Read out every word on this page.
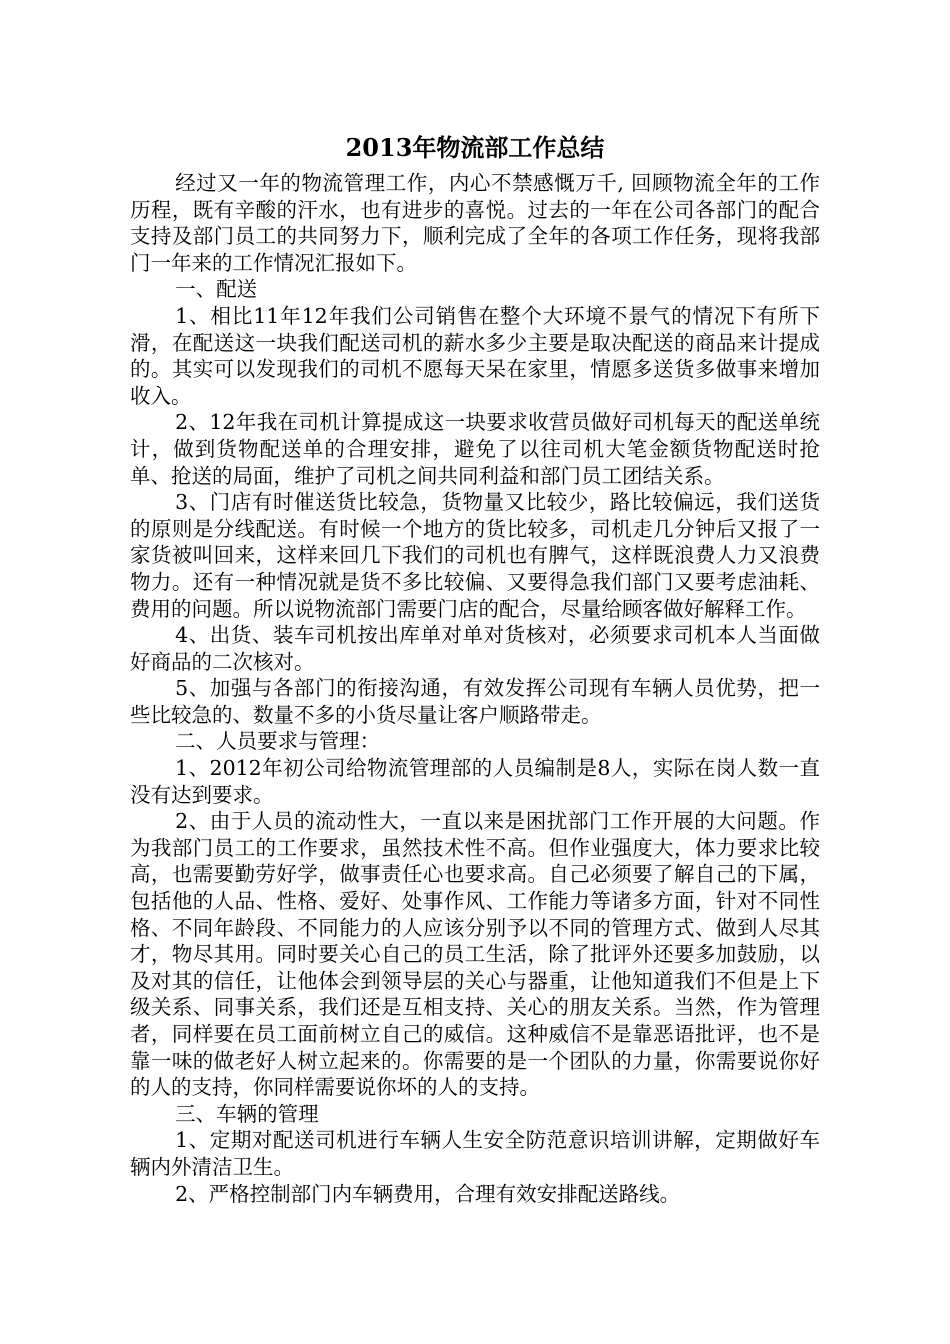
2013年物流部工作总结

经过又一年的物流管理工作，内心不禁感慨万千, 回顾物流全年的工作历程，既有辛酸的汗水，也有进步的喜悦。过去的一年在公司各部门的配合支持及部门员工的共同努力下，顺利完成了全年的各项工作任务，现将我部门一年来的工作情况汇报如下。

一、配送

1、相比11年12年我们公司销售在整个大环境不景气的情况下有所下滑，在配送这一块我们配送司机的薪水多少主要是取决配送的商品来计提成的。其实可以发现我们的司机不愿每天呆在家里，情愿多送货多做事来增加收入。

2、12年我在司机计算提成这一块要求收营员做好司机每天的配送单统计，做到货物配送单的合理安排，避免了以往司机大笔金额货物配送时抢单、抢送的局面，维护了司机之间共同利益和部门员工团结关系。

3、门店有时催送货比较急，货物量又比较少，路比较偏远，我们送货的原则是分线配送。有时候一个地方的货比较多，司机走几分钟后又报了一家货被叫回来，这样来回几下我们的司机也有脾气，这样既浪费人力又浪费物力。还有一种情况就是货不多比较偏、又要得急我们部门又要考虑油耗、费用的问题。所以说物流部门需要门店的配合，尽量给顾客做好解释工作。

4、出货、装车司机按出库单对单对货核对，必须要求司机本人当面做好商品的二次核对。

5、加强与各部门的衔接沟通，有效发挥公司现有车辆人员优势，把一些比较急的、数量不多的小货尽量让客户顺路带走。

二、人员要求与管理：

1、2012年初公司给物流管理部的人员编制是8人，实际在岗人数一直没有达到要求。

2、由于人员的流动性大，一直以来是困扰部门工作开展的大问题。作为我部门员工的工作要求，虽然技术性不高。但作业强度大，体力要求比较高，也需要勤劳好学，做事责任心也要求高。自己必须要了解自己的下属，包括他的人品、性格、爱好、处事作风、工作能力等诸多方面，针对不同性格、不同年龄段、不同能力的人应该分别予以不同的管理方式、做到人尽其才，物尽其用。同时要关心自己的员工生活，除了批评外还要多加鼓励，以及对其的信任，让他体会到领导层的关心与器重，让他知道我们不但是上下级关系、同事关系，我们还是互相支持、关心的朋友关系。当然，作为管理者，同样要在员工面前树立自己的威信。这种威信不是靠恶语批评，也不是靠一味的做老好人树立起来的。你需要的是一个团队的力量，你需要说你好的人的支持，你同样需要说你坏的人的支持。

三、车辆的管理

1、定期对配送司机进行车辆人生安全防范意识培训讲解，定期做好车辆内外清洁卫生。

2、严格控制部门内车辆费用，合理有效安排配送路线。
